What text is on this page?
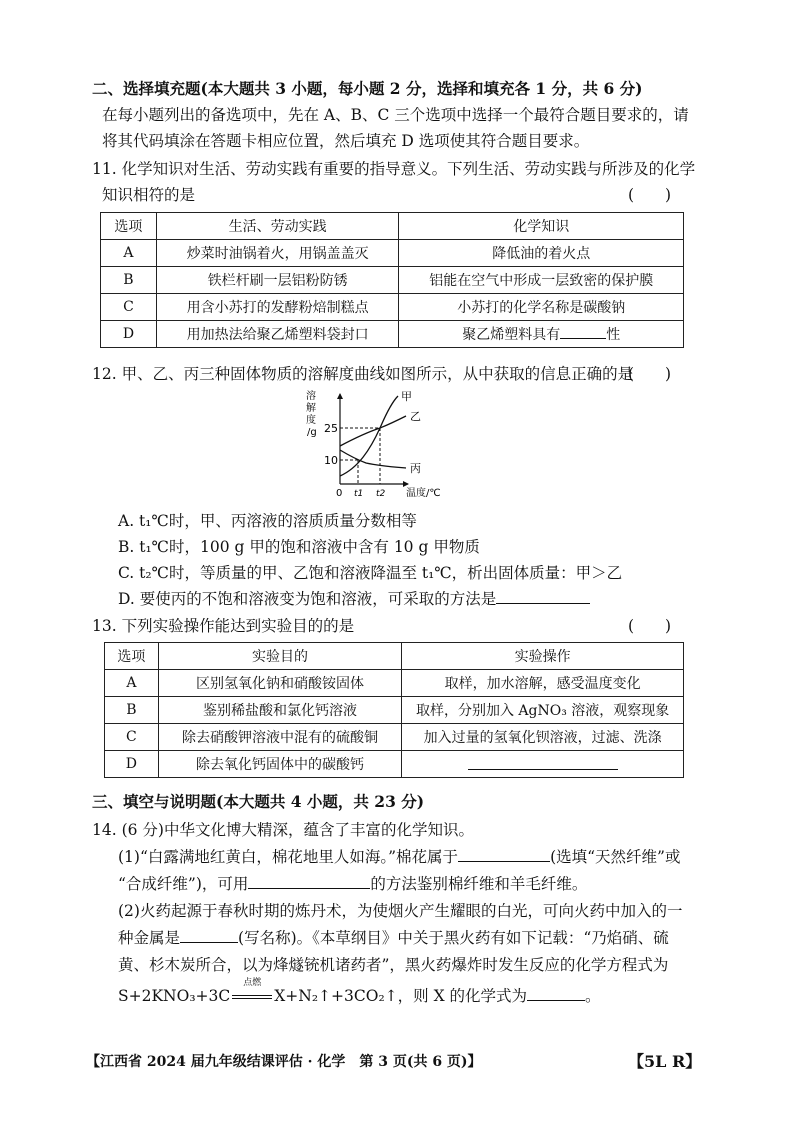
二、选择填充题(本大题共 3 小题，每小题 2 分，选择和填充各 1 分，共 6 分)
在每小题列出的备选项中，先在 A、B、C 三个选项中选择一个最符合题目要求的，请
将其代码填涂在答题卡相应位置，然后填充 D 选项使其符合题目要求。
11. 化学知识对生活、劳动实践有重要的指导意义。下列生活、劳动实践与所涉及的化学
知识相符的是	(　　)
选项	生活、劳动实践	化学知识
A	炒菜时油锅着火，用锅盖盖灭	降低油的着火点
B	铁栏杆刷一层铝粉防锈	铝能在空气中形成一层致密的保护膜
C	用含小苏打的发酵粉焙制糕点	小苏打的化学名称是碳酸钠
D	用加热法给聚乙烯塑料袋封口	聚乙烯塑料具有 性
12. 甲、乙、丙三种固体物质的溶解度曲线如图所示，从中获取的信息正确的是
(　　)
溶
解
度
/g 25
10
0 t1 t2 温度/℃
甲
乙
丙
A. t₁℃时，甲、丙溶液的溶质质量分数相等
B. t₁℃时，100 g 甲的饱和溶液中含有 10 g 甲物质
C. t₂℃时，等质量的甲、乙饱和溶液降温至 t₁℃，析出固体质量：甲＞乙
D. 要使丙的不饱和溶液变为饱和溶液，可采取的方法是
13. 下列实验操作能达到实验目的的是	(　　)
选项	实验目的	实验操作
A	区别氢氧化钠和硝酸铵固体	取样，加水溶解，感受温度变化
B	鉴别稀盐酸和氯化钙溶液	取样，分别加入 AgNO₃ 溶液，观察现象
C	除去硝酸钾溶液中混有的硫酸铜	加入过量的氢氧化钡溶液，过滤、洗涤
D	除去氧化钙固体中的碳酸钙	
三、填空与说明题(本大题共 4 小题，共 23 分)
14. (6 分)中华文化博大精深，蕴含了丰富的化学知识。
(1)“白露满地红黄白，棉花地里人如海。”棉花属于	(选填“天然纤维”或
“合成纤维”)，可用	的方法鉴别棉纤维和羊毛纤维。
(2)火药起源于春秋时期的炼丹术，为使烟火产生耀眼的白光，可向火药中加入的一
种金属是	(写名称)。《本草纲目》中关于黑火药有如下记载：“乃焰硝、硫
黄、杉木炭所合，以为烽燧铳机诸药者”，黑火药爆炸时发生反应的化学方程式为
S+2KNO₃+3C
点燃
X+N₂↑+3CO₂↑，则 X 的化学式为	。
【江西省 2024 届九年级结课评估 · 化学　第 3 页(共 6 页)】	【5L R】
